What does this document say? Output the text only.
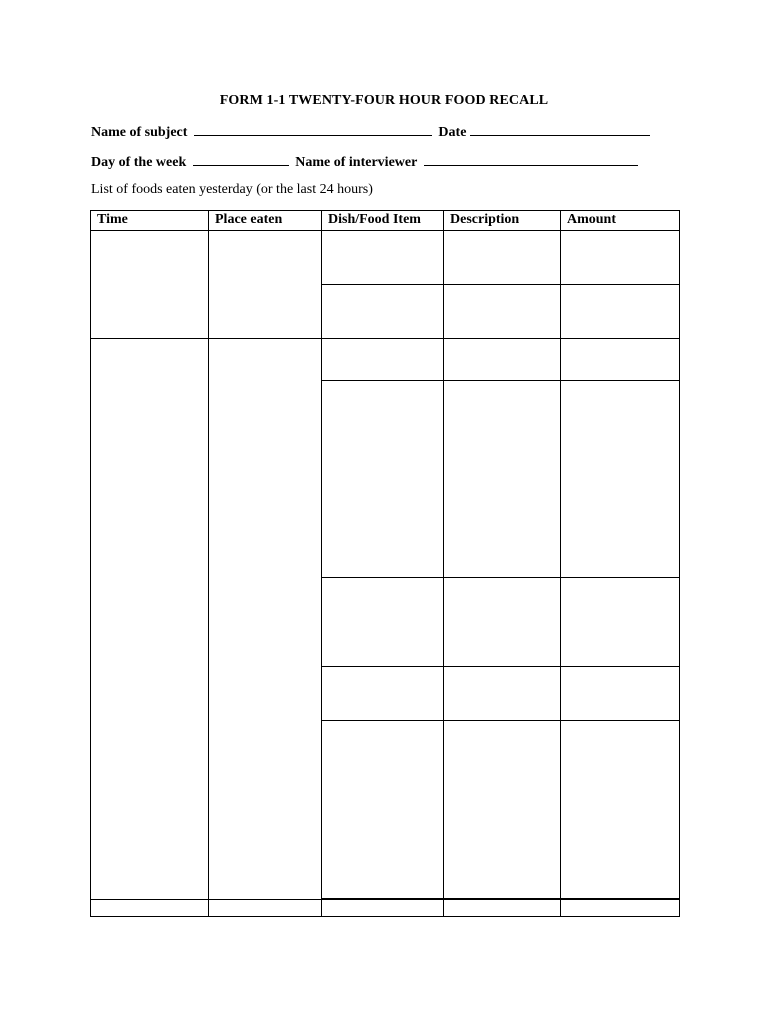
FORM 1-1 TWENTY-FOUR HOUR FOOD RECALL
Name of subject	Date
Day of the week	Name of interviewer
List of foods eaten yesterday (or the last 24 hours)
Time	Place eaten	Dish/Food Item	Description	Amount
